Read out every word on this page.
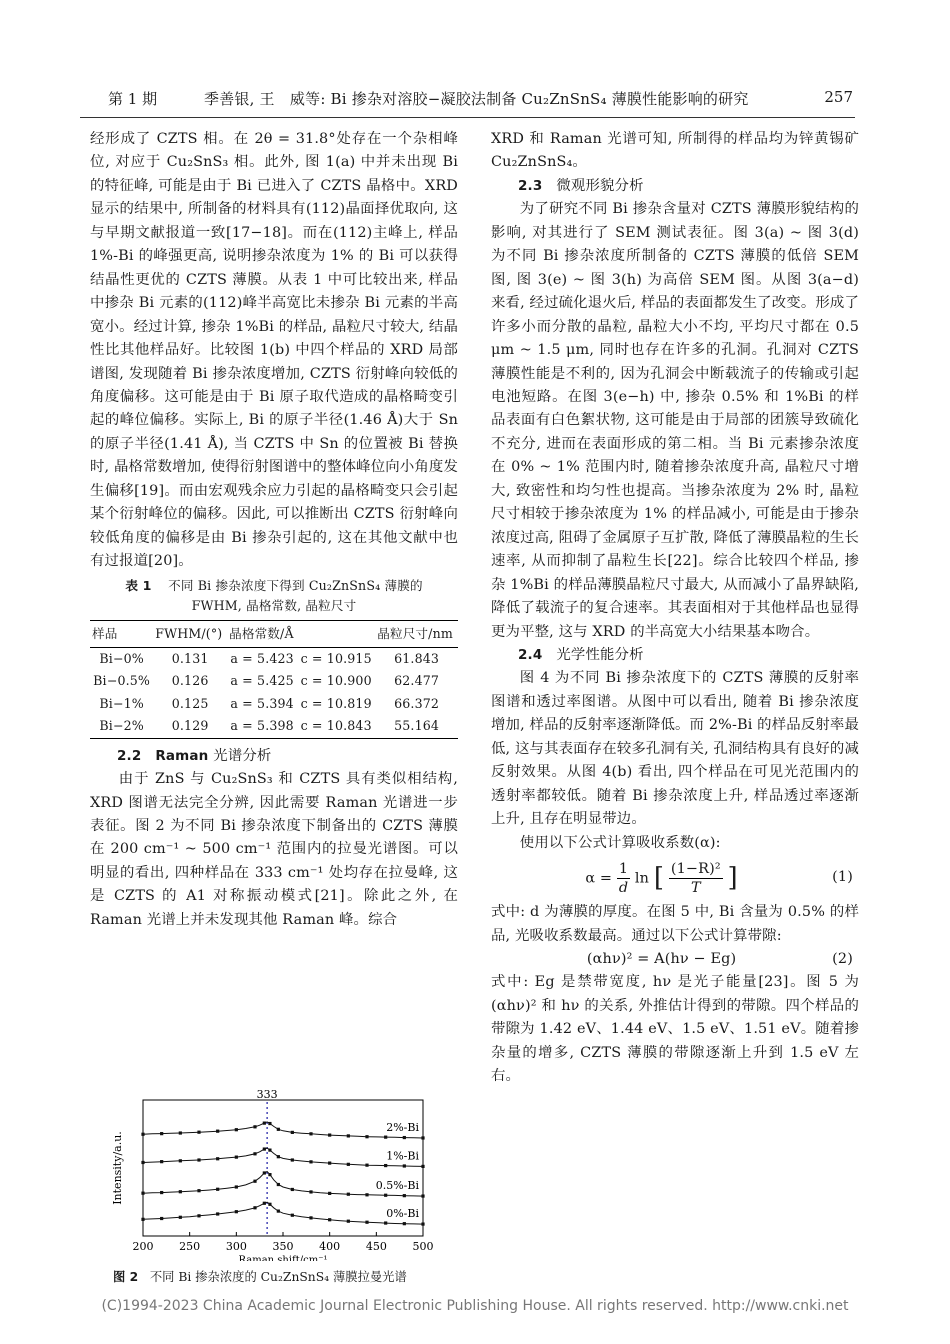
第 1 期	季善银, 王　威等: Bi 掺杂对溶胶−凝胶法制备 Cu₂ZnSnS₄ 薄膜性能影响的研究	257

经形成了 CZTS 相。在 2θ = 31.8°处存在一个杂相峰位, 对应于 Cu₂SnS₃ 相。此外, 图 1(a) 中并未出现 Bi 的特征峰, 可能是由于 Bi 已进入了 CZTS 晶格中。XRD 显示的结果中, 所制备的材料具有(112)晶面择优取向, 这与早期文献报道一致[17−18]。而在(112)主峰上, 样品 1%-Bi 的峰强更高, 说明掺杂浓度为 1% 的 Bi 可以获得结晶性更优的 CZTS 薄膜。从表 1 中可比较出来, 样品中掺杂 Bi 元素的(112)峰半高宽比未掺杂 Bi 元素的半高宽小。经过计算, 掺杂 1%Bi 的样品, 晶粒尺寸较大, 结晶性比其他样品好。比较图 1(b) 中四个样品的 XRD 局部谱图, 发现随着 Bi 掺杂浓度增加, CZTS 衍射峰向较低的角度偏移。这可能是由于 Bi 原子取代造成的晶格畸变引起的峰位偏移。实际上, Bi 的原子半径(1.46 Å)大于 Sn 的原子半径(1.41 Å), 当 CZTS 中 Sn 的位置被 Bi 替换时, 晶格常数增加, 使得衍射图谱中的整体峰位向小角度发生偏移[19]。而由宏观残余应力引起的晶格畸变只会引起某个衍射峰位的偏移。因此, 可以推断出 CZTS 衍射峰向较低角度的偏移是由 Bi 掺杂引起的, 这在其他文献中也有过报道[20]。

表 1 不同 Bi 掺杂浓度下得到 Cu₂ZnSnS₄ 薄膜的
FWHM, 晶格常数, 晶粒尺寸
样品	FWHM/(°)	晶格常数/Å		晶粒尺寸/nm
Bi−0%	0.131	a = 5.423	c = 10.915	61.843
Bi−0.5%	0.126	a = 5.425	c = 10.900	62.477
Bi−1%	0.125	a = 5.394	c = 10.819	66.372
Bi−2%	0.129	a = 5.398	c = 10.843	55.164

2.2 Raman 光谱分析

由于 ZnS 与 Cu₂SnS₃ 和 CZTS 具有类似相结构, XRD 图谱无法完全分辨, 因此需要 Raman 光谱进一步表征。图 2 为不同 Bi 掺杂浓度下制备出的 CZTS 薄膜在 200 cm⁻¹ ~ 500 cm⁻¹ 范围内的拉曼光谱图。可以明显的看出, 四种样品在 333 cm⁻¹ 处均存在拉曼峰, 这是 CZTS 的 A1 对称振动模式[21]。除此之外, 在 Raman 光谱上并未发现其他 Raman 峰。综合

200 250 300 350 400 450 500
Raman shift/cm⁻¹
Intensity/a.u.
333
2%-Bi
1%-Bi
0.5%-Bi
0%-Bi
图 2 不同 Bi 掺杂浓度的 Cu₂ZnSnS₄ 薄膜拉曼光谱

XRD 和 Raman 光谱可知, 所制得的样品均为锌黄锡矿 Cu₂ZnSnS₄。

2.3 微观形貌分析

为了研究不同 Bi 掺杂含量对 CZTS 薄膜形貌结构的影响, 对其进行了 SEM 测试表征。图 3(a) ~ 图 3(d) 为不同 Bi 掺杂浓度所制备的 CZTS 薄膜的低倍 SEM 图, 图 3(e) ~ 图 3(h) 为高倍 SEM 图。从图 3(a−d) 来看, 经过硫化退火后, 样品的表面都发生了改变。形成了许多小而分散的晶粒, 晶粒大小不均, 平均尺寸都在 0.5 μm ~ 1.5 μm, 同时也存在许多的孔洞。孔洞对 CZTS 薄膜性能是不利的, 因为孔洞会中断载流子的传输或引起电池短路。在图 3(e−h) 中, 掺杂 0.5% 和 1%Bi 的样品表面有白色絮状物, 这可能是由于局部的团簇导致硫化不充分, 进而在表面形成的第二相。当 Bi 元素掺杂浓度在 0% ~ 1% 范围内时, 随着掺杂浓度升高, 晶粒尺寸增大, 致密性和均匀性也提高。当掺杂浓度为 2% 时, 晶粒尺寸相较于掺杂浓度为 1% 的样品减小, 可能是由于掺杂浓度过高, 阻碍了金属原子互扩散, 降低了薄膜晶粒的生长速率, 从而抑制了晶粒生长[22]。综合比较四个样品, 掺杂 1%Bi 的样品薄膜晶粒尺寸最大, 从而减小了晶界缺陷, 降低了载流子的复合速率。其表面相对于其他样品也显得更为平整, 这与 XRD 的半高宽大小结果基本吻合。

2.4 光学性能分析

图 4 为不同 Bi 掺杂浓度下的 CZTS 薄膜的反射率图谱和透过率图谱。从图中可以看出, 随着 Bi 掺杂浓度增加, 样品的反射率逐渐降低。而 2%-Bi 的样品反射率最低, 这与其表面存在较多孔洞有关, 孔洞结构具有良好的减反射效果。从图 4(b) 看出, 四个样品在可见光范围内的透射率都较低。随着 Bi 掺杂浓度上升, 样品透过率逐渐上升, 且存在明显带边。

使用以下公式计算吸收系数(α):

$\alpha = \frac{1}{d}$ ln [ $\frac{\text{(1−R)²}}{T}$ ]	(1)

式中: d 为薄膜的厚度。在图 5 中, Bi 含量为 0.5% 的样品, 光吸收系数最高。通过以下公式计算带隙:

(αhν)² = A(hν − Eg)	(2)

式中: Eg 是禁带宽度, hν 是光子能量[23]。图 5 为 (αhν)² 和 hν 的关系, 外推估计得到的带隙。四个样品的带隙为 1.42 eV、1.44 eV、1.5 eV、1.51 eV。随着掺杂量的增多, CZTS 薄膜的带隙逐渐上升到 1.5 eV 左右。

(C)1994-2023 China Academic Journal Electronic Publishing House. All rights reserved. http://www.cnki.net
